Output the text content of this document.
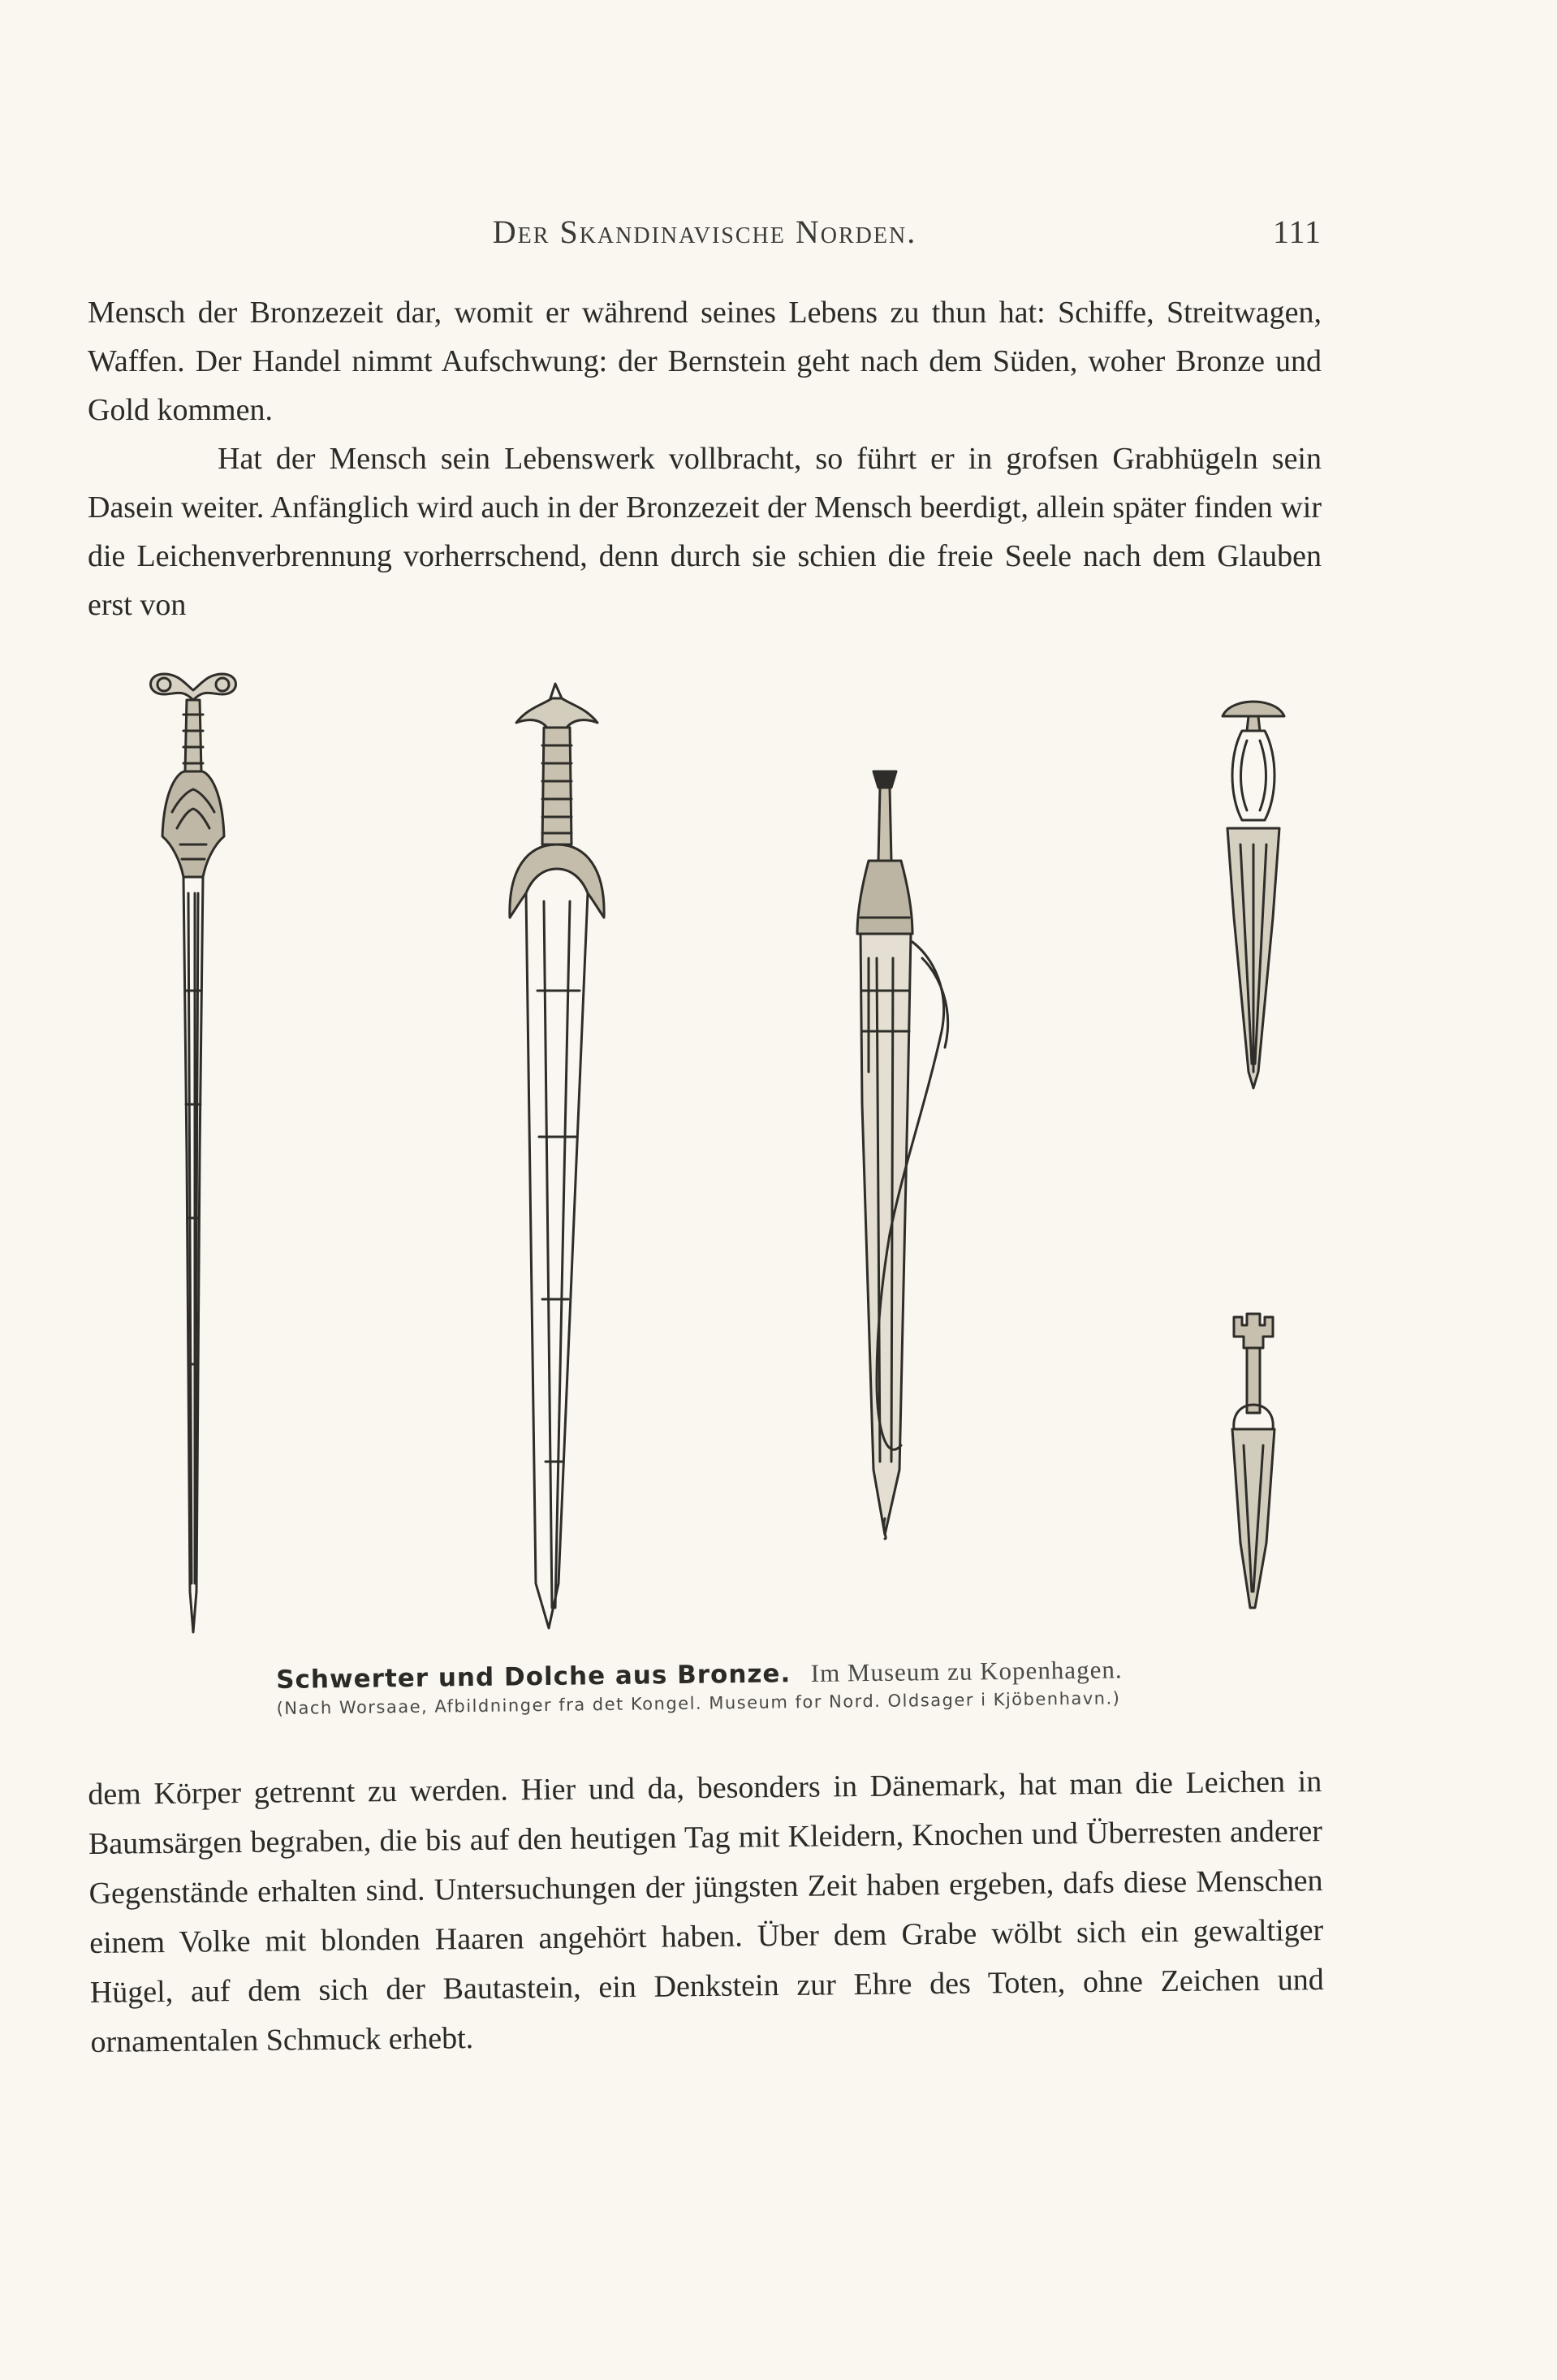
Der Skandinavische Norden.	111

Mensch der Bronzezeit dar, womit er während seines Lebens zu thun hat: Schiffe, Streitwagen, Waffen. Der Handel nimmt Aufschwung: der Bernstein geht nach dem Süden, woher Bronze und Gold kommen.

Hat der Mensch sein Lebenswerk vollbracht, so führt er in grofsen Grabhügeln sein Dasein weiter. Anfänglich wird auch in der Bronzezeit der Mensch beerdigt, allein später finden wir die Leichenverbrennung vorherrschend, denn durch sie schien die freie Seele nach dem Glauben erst von

Schwerter und Dolche aus Bronze. Im Museum zu Kopenhagen.
(Nach Worsaae, Afbildninger fra det Kongel. Museum for Nord. Oldsager i Kjöbenhavn.)

dem Körper getrennt zu werden. Hier und da, besonders in Dänemark, hat man die Leichen in Baumsärgen begraben, die bis auf den heutigen Tag mit Kleidern, Knochen und Überresten anderer Gegenstände erhalten sind. Untersuchungen der jüngsten Zeit haben ergeben, dafs diese Menschen einem Volke mit blonden Haaren angehört haben. Über dem Grabe wölbt sich ein gewaltiger Hügel, auf dem sich der Bautastein, ein Denkstein zur Ehre des Toten, ohne Zeichen und ornamentalen Schmuck erhebt.
